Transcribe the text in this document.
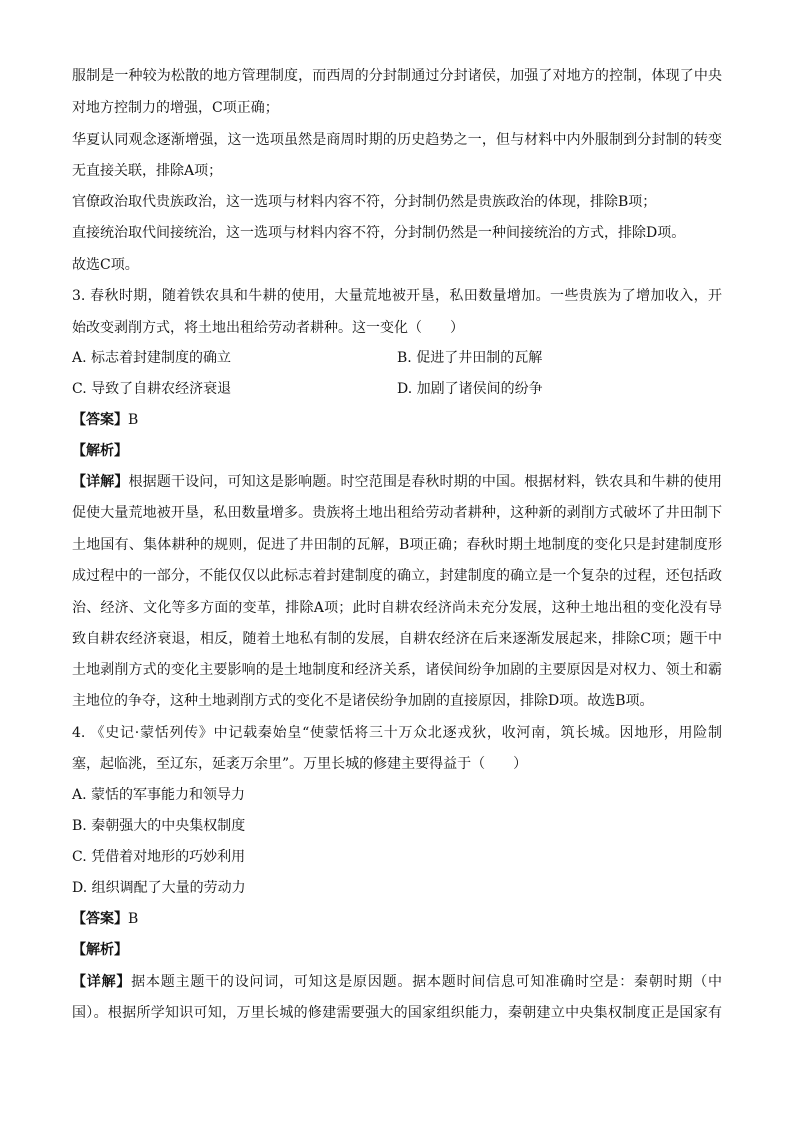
服制是一种较为松散的地方管理制度，而西周的分封制通过分封诸侯，加强了对地方的控制，体现了中央
对地方控制力的增强，C项正确；
华夏认同观念逐渐增强，这一选项虽然是商周时期的历史趋势之一，但与材料中内外服制到分封制的转变
无直接关联，排除A项；
官僚政治取代贵族政治，这一选项与材料内容不符，分封制仍然是贵族政治的体现，排除B项；
直接统治取代间接统治，这一选项与材料内容不符，分封制仍然是一种间接统治的方式，排除D项。
故选C项。
3. 春秋时期，随着铁农具和牛耕的使用，大量荒地被开垦，私田数量增加。一些贵族为了增加收入，开
始改变剥削方式，将土地出租给劳动者耕种。这一变化（　　）
A. 标志着封建制度的确立	B. 促进了井田制的瓦解
C. 导致了自耕农经济衰退	D. 加剧了诸侯间的纷争
【答案】B
【解析】
【详解】根据题干设问，可知这是影响题。时空范围是春秋时期的中国。根据材料，铁农具和牛耕的使用
促使大量荒地被开垦，私田数量增多。贵族将土地出租给劳动者耕种，这种新的剥削方式破坏了井田制下
土地国有、集体耕种的规则，促进了井田制的瓦解，B项正确；春秋时期土地制度的变化只是封建制度形
成过程中的一部分，不能仅仅以此标志着封建制度的确立，封建制度的确立是一个复杂的过程，还包括政
治、经济、文化等多方面的变革，排除A项；此时自耕农经济尚未充分发展，这种土地出租的变化没有导
致自耕农经济衰退，相反，随着土地私有制的发展，自耕农经济在后来逐渐发展起来，排除C项；题干中
土地剥削方式的变化主要影响的是土地制度和经济关系，诸侯间纷争加剧的主要原因是对权力、领土和霸
主地位的争夺，这种土地剥削方式的变化不是诸侯纷争加剧的直接原因，排除D项。故选B项。
4. 《史记·蒙恬列传》中记载秦始皇“使蒙恬将三十万众北逐戎狄，收河南，筑长城。因地形，用险制
塞，起临洮，至辽东，延袤万余里”。万里长城的修建主要得益于（　　）
A. 蒙恬的军事能力和领导力
B. 秦朝强大的中央集权制度
C. 凭借着对地形的巧妙利用
D. 组织调配了大量的劳动力
【答案】B
【解析】
【详解】据本题主题干的设问词，可知这是原因题。据本题时间信息可知准确时空是：秦朝时期（中
国）。根据所学知识可知，万里长城的修建需要强大的国家组织能力，秦朝建立中央集权制度正是国家有
